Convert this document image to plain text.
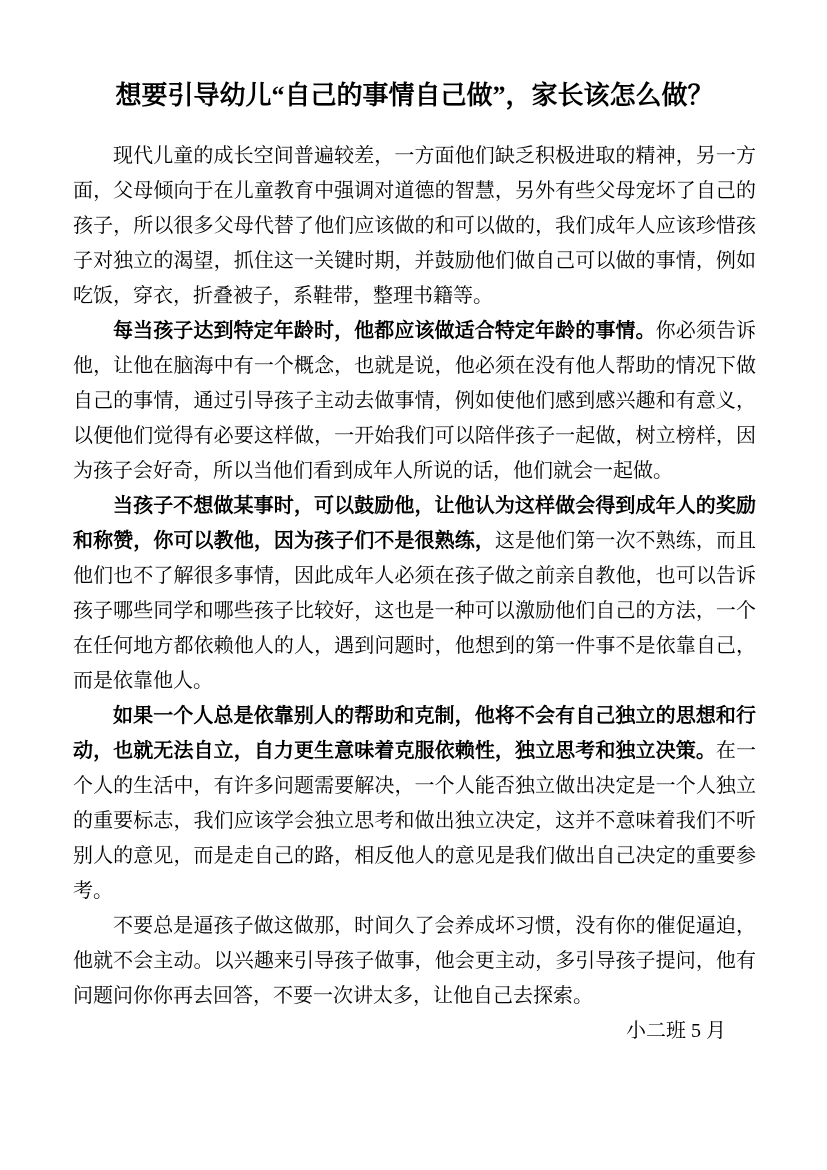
想要引导幼儿“自己的事情自己做”，家长该怎么做？

现代儿童的成长空间普遍较差，一方面他们缺乏积极进取的精神，另一方面，父母倾向于在儿童教育中强调对道德的智慧，另外有些父母宠坏了自己的孩子，所以很多父母代替了他们应该做的和可以做的，我们成年人应该珍惜孩子对独立的渴望，抓住这一关键时期，并鼓励他们做自己可以做的事情，例如吃饭，穿衣，折叠被子，系鞋带，整理书籍等。

每当孩子达到特定年龄时，他都应该做适合特定年龄的事情。你必须告诉他，让他在脑海中有一个概念，也就是说，他必须在没有他人帮助的情况下做自己的事情，通过引导孩子主动去做事情，例如使他们感到感兴趣和有意义，以便他们觉得有必要这样做，一开始我们可以陪伴孩子一起做，树立榜样，因为孩子会好奇，所以当他们看到成年人所说的话，他们就会一起做。

当孩子不想做某事时，可以鼓励他，让他认为这样做会得到成年人的奖励和称赞，你可以教他，因为孩子们不是很熟练，这是他们第一次不熟练，而且他们也不了解很多事情，因此成年人必须在孩子做之前亲自教他，也可以告诉孩子哪些同学和哪些孩子比较好，这也是一种可以激励他们自己的方法，一个在任何地方都依赖他人的人，遇到问题时，他想到的第一件事不是依靠自己，而是依靠他人。

如果一个人总是依靠别人的帮助和克制，他将不会有自己独立的思想和行动，也就无法自立，自力更生意味着克服依赖性，独立思考和独立决策。在一个人的生活中，有许多问题需要解决，一个人能否独立做出决定是一个人独立的重要标志，我们应该学会独立思考和做出独立决定，这并不意味着我们不听别人的意见，而是走自己的路，相反他人的意见是我们做出自己决定的重要参考。

不要总是逼孩子做这做那，时间久了会养成坏习惯，没有你的催促逼迫，他就不会主动。以兴趣来引导孩子做事，他会更主动，多引导孩子提问，他有问题问你你再去回答，不要一次讲太多，让他自己去探索。

小二班 5 月
